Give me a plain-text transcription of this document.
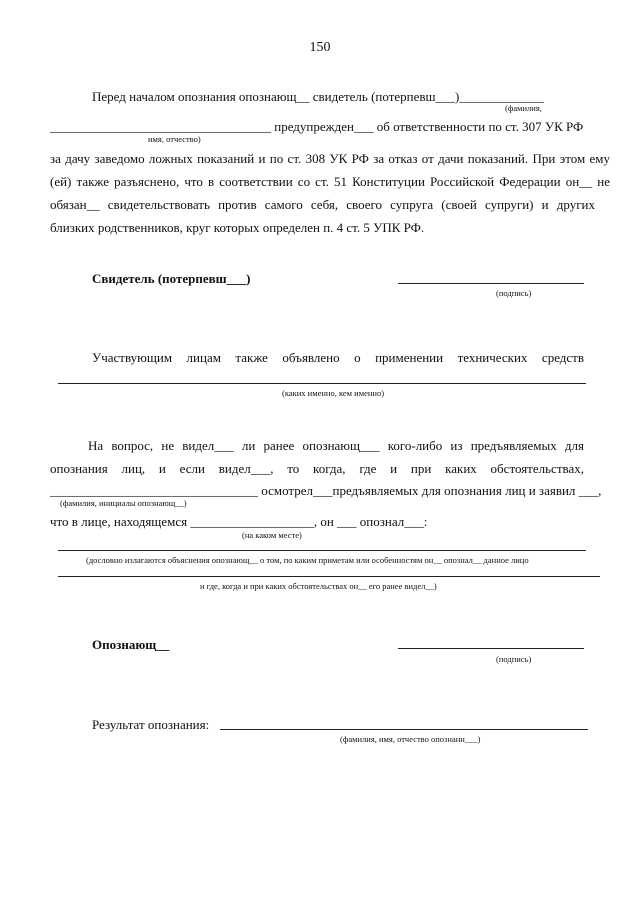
150
Перед началом опознания опознающ__ свидетель (потерпевш___)_____________
(фамилия,
__________________________________ предупрежден___ об ответственности по ст. 307 УК РФ
имя, отчество)
за дачу заведомо ложных показаний и по ст. 308 УК РФ за отказ от дачи показаний. При этом ему
(ей) также разъяснено, что в соответствии со ст. 51 Конституции Российской Федерации он__ не
обязан__ свидетельствовать против самого себя, своего супруга (своей супруги) и других
близких родственников, круг которых определен п. 4 ст. 5 УПК РФ.
Свидетель (потерпевш___)
(подпись)
Участвующим лицам также объявлено о применении технических средств
(каких именно, кем именно)
На вопрос, не видел___ ли ранее опознающ___ кого-либо из предъявляемых для
опознания лиц, и если видел___, то когда, где и при каких обстоятельствах,
________________________________ осмотрел___предъявляемых для опознания лиц и заявил ___,
(фамилия, инициалы опознающ__)
что в лице, находящемся ___________________, он ___ опознал___:
(на каком месте)
(дословно излагаются объяснения опознающ__ о том, по каким приметам или особенностям он__ опознал__ данное лицо
и где, когда и при каких обстоятельствах он__ его ранее видел__)
Опознающ__
(подпись)
Результат опознания:
(фамилия, имя, отчество опознанн___)
